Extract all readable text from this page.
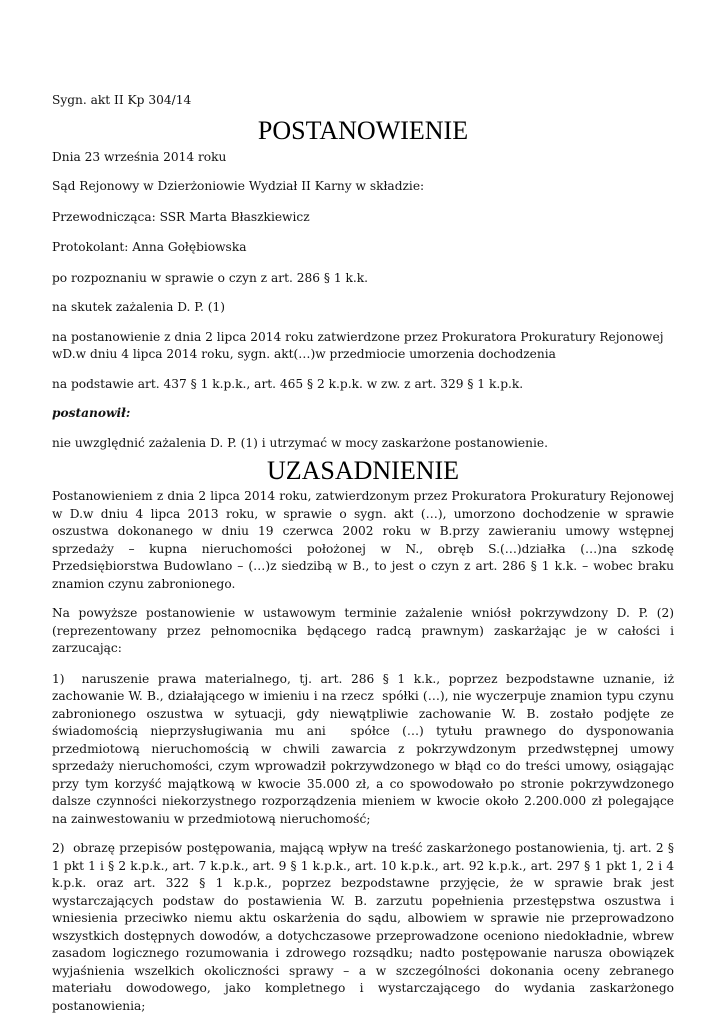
Sygn. akt II Kp 304/14

POSTANOWIENIE

Dnia 23 września 2014 roku

Sąd Rejonowy w Dzierżoniowie Wydział II Karny w składzie:

Przewodnicząca: SSR Marta Błaszkiewicz

Protokolant: Anna Gołębiowska

po rozpoznaniu w sprawie o czyn z art. 286 § 1 k.k.

na skutek zażalenia D. P. (1)

na postanowienie z dnia 2 lipca 2014 roku zatwierdzone przez Prokuratora Prokuratury Rejonowej wD.w dniu 4 lipca 2014 roku, sygn. akt(…)w przedmiocie umorzenia dochodzenia

na podstawie art. 437 § 1 k.p.k., art. 465 § 2 k.p.k. w zw. z art. 329 § 1 k.p.k.

postanowił:

nie uwzględnić zażalenia D. P. (1) i utrzymać w mocy zaskarżone postanowienie.

UZASADNIENIE

Postanowieniem z dnia 2 lipca 2014 roku, zatwierdzonym przez Prokuratora Prokuratury Rejonowej w D.w dniu 4 lipca 2013 roku, w sprawie o sygn. akt (…), umorzono dochodzenie w sprawie oszustwa dokonanego w dniu 19 czerwca 2002 roku w B.przy zawieraniu umowy wstępnej sprzedaży – kupna nieruchomości położonej w N., obręb S.(…)działka (…)na szkodę Przedsiębiorstwa Budowlano – (…)z siedzibą w B., to jest o czyn z art. 286 § 1 k.k. – wobec braku znamion czynu zabronionego.

Na powyższe postanowienie w ustawowym terminie zażalenie wniósł pokrzywdzony D. P. (2) (reprezentowany przez pełnomocnika będącego radcą prawnym) zaskarżając je w całości i zarzucając:

1)  naruszenie prawa materialnego, tj. art. 286 § 1 k.k., poprzez bezpodstawne uznanie, iż zachowanie W. B., działającego w imieniu i na rzecz  spółki (…), nie wyczerpuje znamion typu czynu zabronionego oszustwa w sytuacji, gdy niewątpliwie zachowanie W. B. zostało podjęte ze świadomością nieprzysługiwania mu ani  spółce (…) tytułu prawnego do dysponowania przedmiotową nieruchomością w chwili zawarcia z pokrzywdzonym przedwstępnej umowy sprzedaży nieruchomości, czym wprowadził pokrzywdzonego w błąd co do treści umowy, osiągając przy tym korzyść majątkową w kwocie 35.000 zł, a co spowodowało po stronie pokrzywdzonego dalsze czynności niekorzystnego rozporządzenia mieniem w kwocie około 2.200.000 zł polegające na zainwestowaniu w przedmiotową nieruchomość;

2)  obrazę przepisów postępowania, mającą wpływ na treść zaskarżonego postanowienia, tj. art. 2 § 1 pkt 1 i § 2 k.p.k., art. 7 k.p.k., art. 9 § 1 k.p.k., art. 10 k.p.k., art. 92 k.p.k., art. 297 § 1 pkt 1, 2 i 4 k.p.k. oraz art. 322 § 1 k.p.k., poprzez bezpodstawne przyjęcie, że w sprawie brak jest wystarczających podstaw do postawienia W. B. zarzutu popełnienia przestępstwa oszustwa i wniesienia przeciwko niemu aktu oskarżenia do sądu, albowiem w sprawie nie przeprowadzono wszystkich dostępnych dowodów, a dotychczasowe przeprowadzone oceniono niedokładnie, wbrew zasadom logicznego rozumowania i zdrowego rozsądku; nadto postępowanie narusza obowiązek wyjaśnienia wszelkich okoliczności sprawy – a w szczególności dokonania oceny zebranego materiału dowodowego, jako kompletnego i wystarczającego do wydania zaskarżonego postanowienia;
